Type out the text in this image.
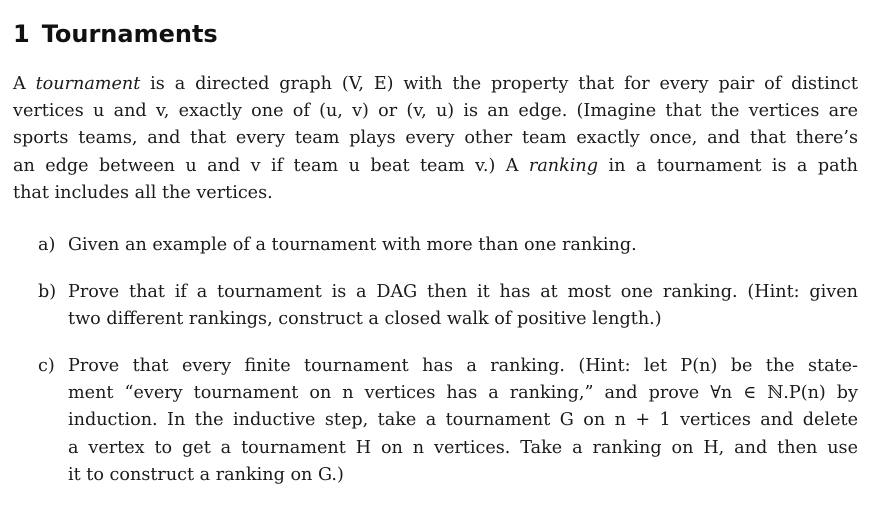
1 Tournaments
A tournament is a directed graph (V, E) with the property that for every pair of distinct
vertices u and v, exactly one of (u, v) or (v, u) is an edge. (Imagine that the vertices are
sports teams, and that every team plays every other team exactly once, and that there’s
an edge between u and v if team u beat team v.) A ranking in a tournament is a path
that includes all the vertices.
a) Given an example of a tournament with more than one ranking.
b) Prove that if a tournament is a DAG then it has at most one ranking. (Hint: given
two different rankings, construct a closed walk of positive length.)
c) Prove that every finite tournament has a ranking. (Hint: let P(n) be the state-
ment “every tournament on n vertices has a ranking,” and prove ∀n ∈ ℕ.P(n) by
induction. In the inductive step, take a tournament G on n + 1 vertices and delete
a vertex to get a tournament H on n vertices. Take a ranking on H, and then use
it to construct a ranking on G.)
